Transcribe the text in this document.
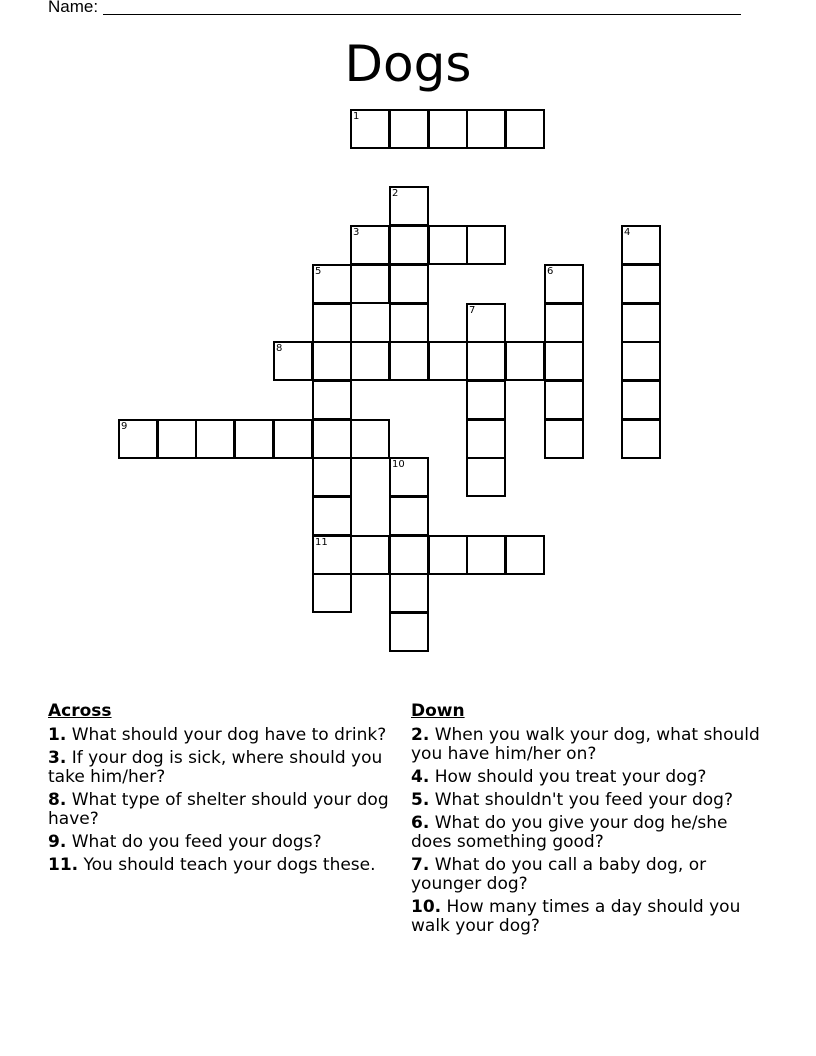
Name:
Dogs
1
2
3	4
5	6
7
8
9
10
11
Across
1. What should your dog have to drink?
3. If your dog is sick, where should you take him/her?
8. What type of shelter should your dog have?
9. What do you feed your dogs?
11. You should teach your dogs these.
Down
2. When you walk your dog, what should you have him/her on?
4. How should you treat your dog?
5. What shouldn't you feed your dog?
6. What do you give your dog he/she does something good?
7. What do you call a baby dog, or younger dog?
10. How many times a day should you walk your dog?
